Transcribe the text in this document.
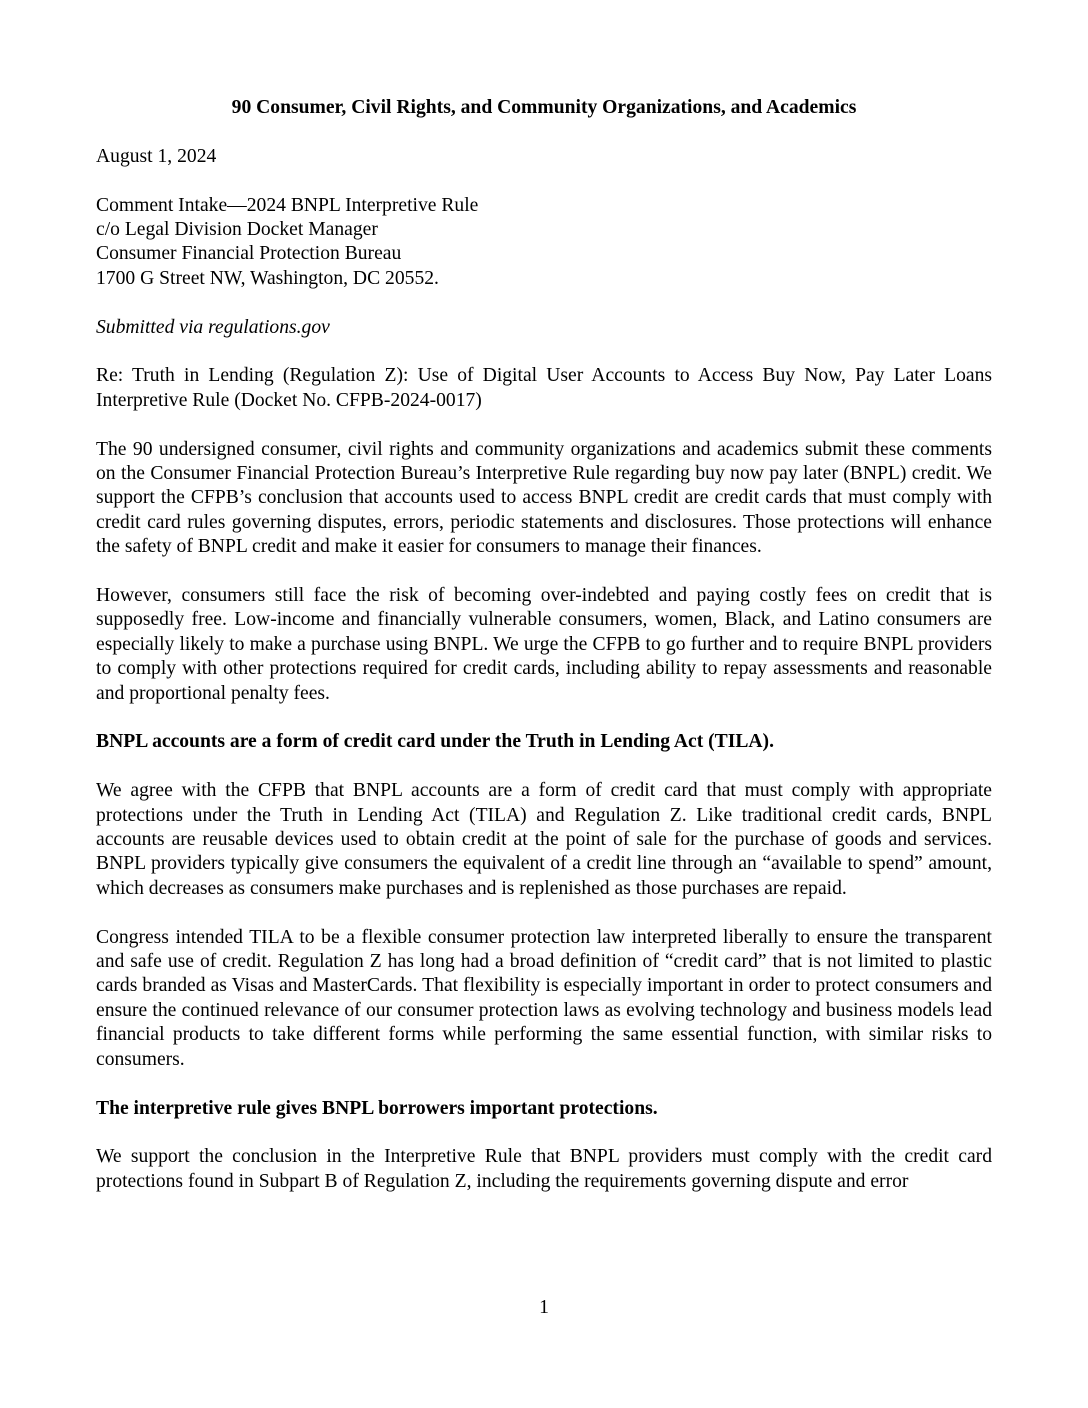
90 Consumer, Civil Rights, and Community Organizations, and Academics

August 1, 2024

Comment Intake—2024 BNPL Interpretive Rule
c/o Legal Division Docket Manager
Consumer Financial Protection Bureau
1700 G Street NW, Washington, DC 20552.

Submitted via regulations.gov

Re: Truth in Lending (Regulation Z): Use of Digital User Accounts to Access Buy Now, Pay Later Loans Interpretive Rule (Docket No. CFPB-2024-0017)

The 90 undersigned consumer, civil rights and community organizations and academics submit these comments on the Consumer Financial Protection Bureau’s Interpretive Rule regarding buy now pay later (BNPL) credit. We support the CFPB’s conclusion that accounts used to access BNPL credit are credit cards that must comply with credit card rules governing disputes, errors, periodic statements and disclosures. Those protections will enhance the safety of BNPL credit and make it easier for consumers to manage their finances.

However, consumers still face the risk of becoming over-indebted and paying costly fees on credit that is supposedly free. Low-income and financially vulnerable consumers, women, Black, and Latino consumers are especially likely to make a purchase using BNPL. We urge the CFPB to go further and to require BNPL providers to comply with other protections required for credit cards, including ability to repay assessments and reasonable and proportional penalty fees.

BNPL accounts are a form of credit card under the Truth in Lending Act (TILA).

We agree with the CFPB that BNPL accounts are a form of credit card that must comply with appropriate protections under the Truth in Lending Act (TILA) and Regulation Z. Like traditional credit cards, BNPL accounts are reusable devices used to obtain credit at the point of sale for the purchase of goods and services. BNPL providers typically give consumers the equivalent of a credit line through an “available to spend” amount, which decreases as consumers make purchases and is replenished as those purchases are repaid.

Congress intended TILA to be a flexible consumer protection law interpreted liberally to ensure the transparent and safe use of credit. Regulation Z has long had a broad definition of “credit card” that is not limited to plastic cards branded as Visas and MasterCards. That flexibility is especially important in order to protect consumers and ensure the continued relevance of our consumer protection laws as evolving technology and business models lead financial products to take different forms while performing the same essential function, with similar risks to consumers.

The interpretive rule gives BNPL borrowers important protections.

We support the conclusion in the Interpretive Rule that BNPL providers must comply with the credit card protections found in Subpart B of Regulation Z, including the requirements governing dispute and error

1
